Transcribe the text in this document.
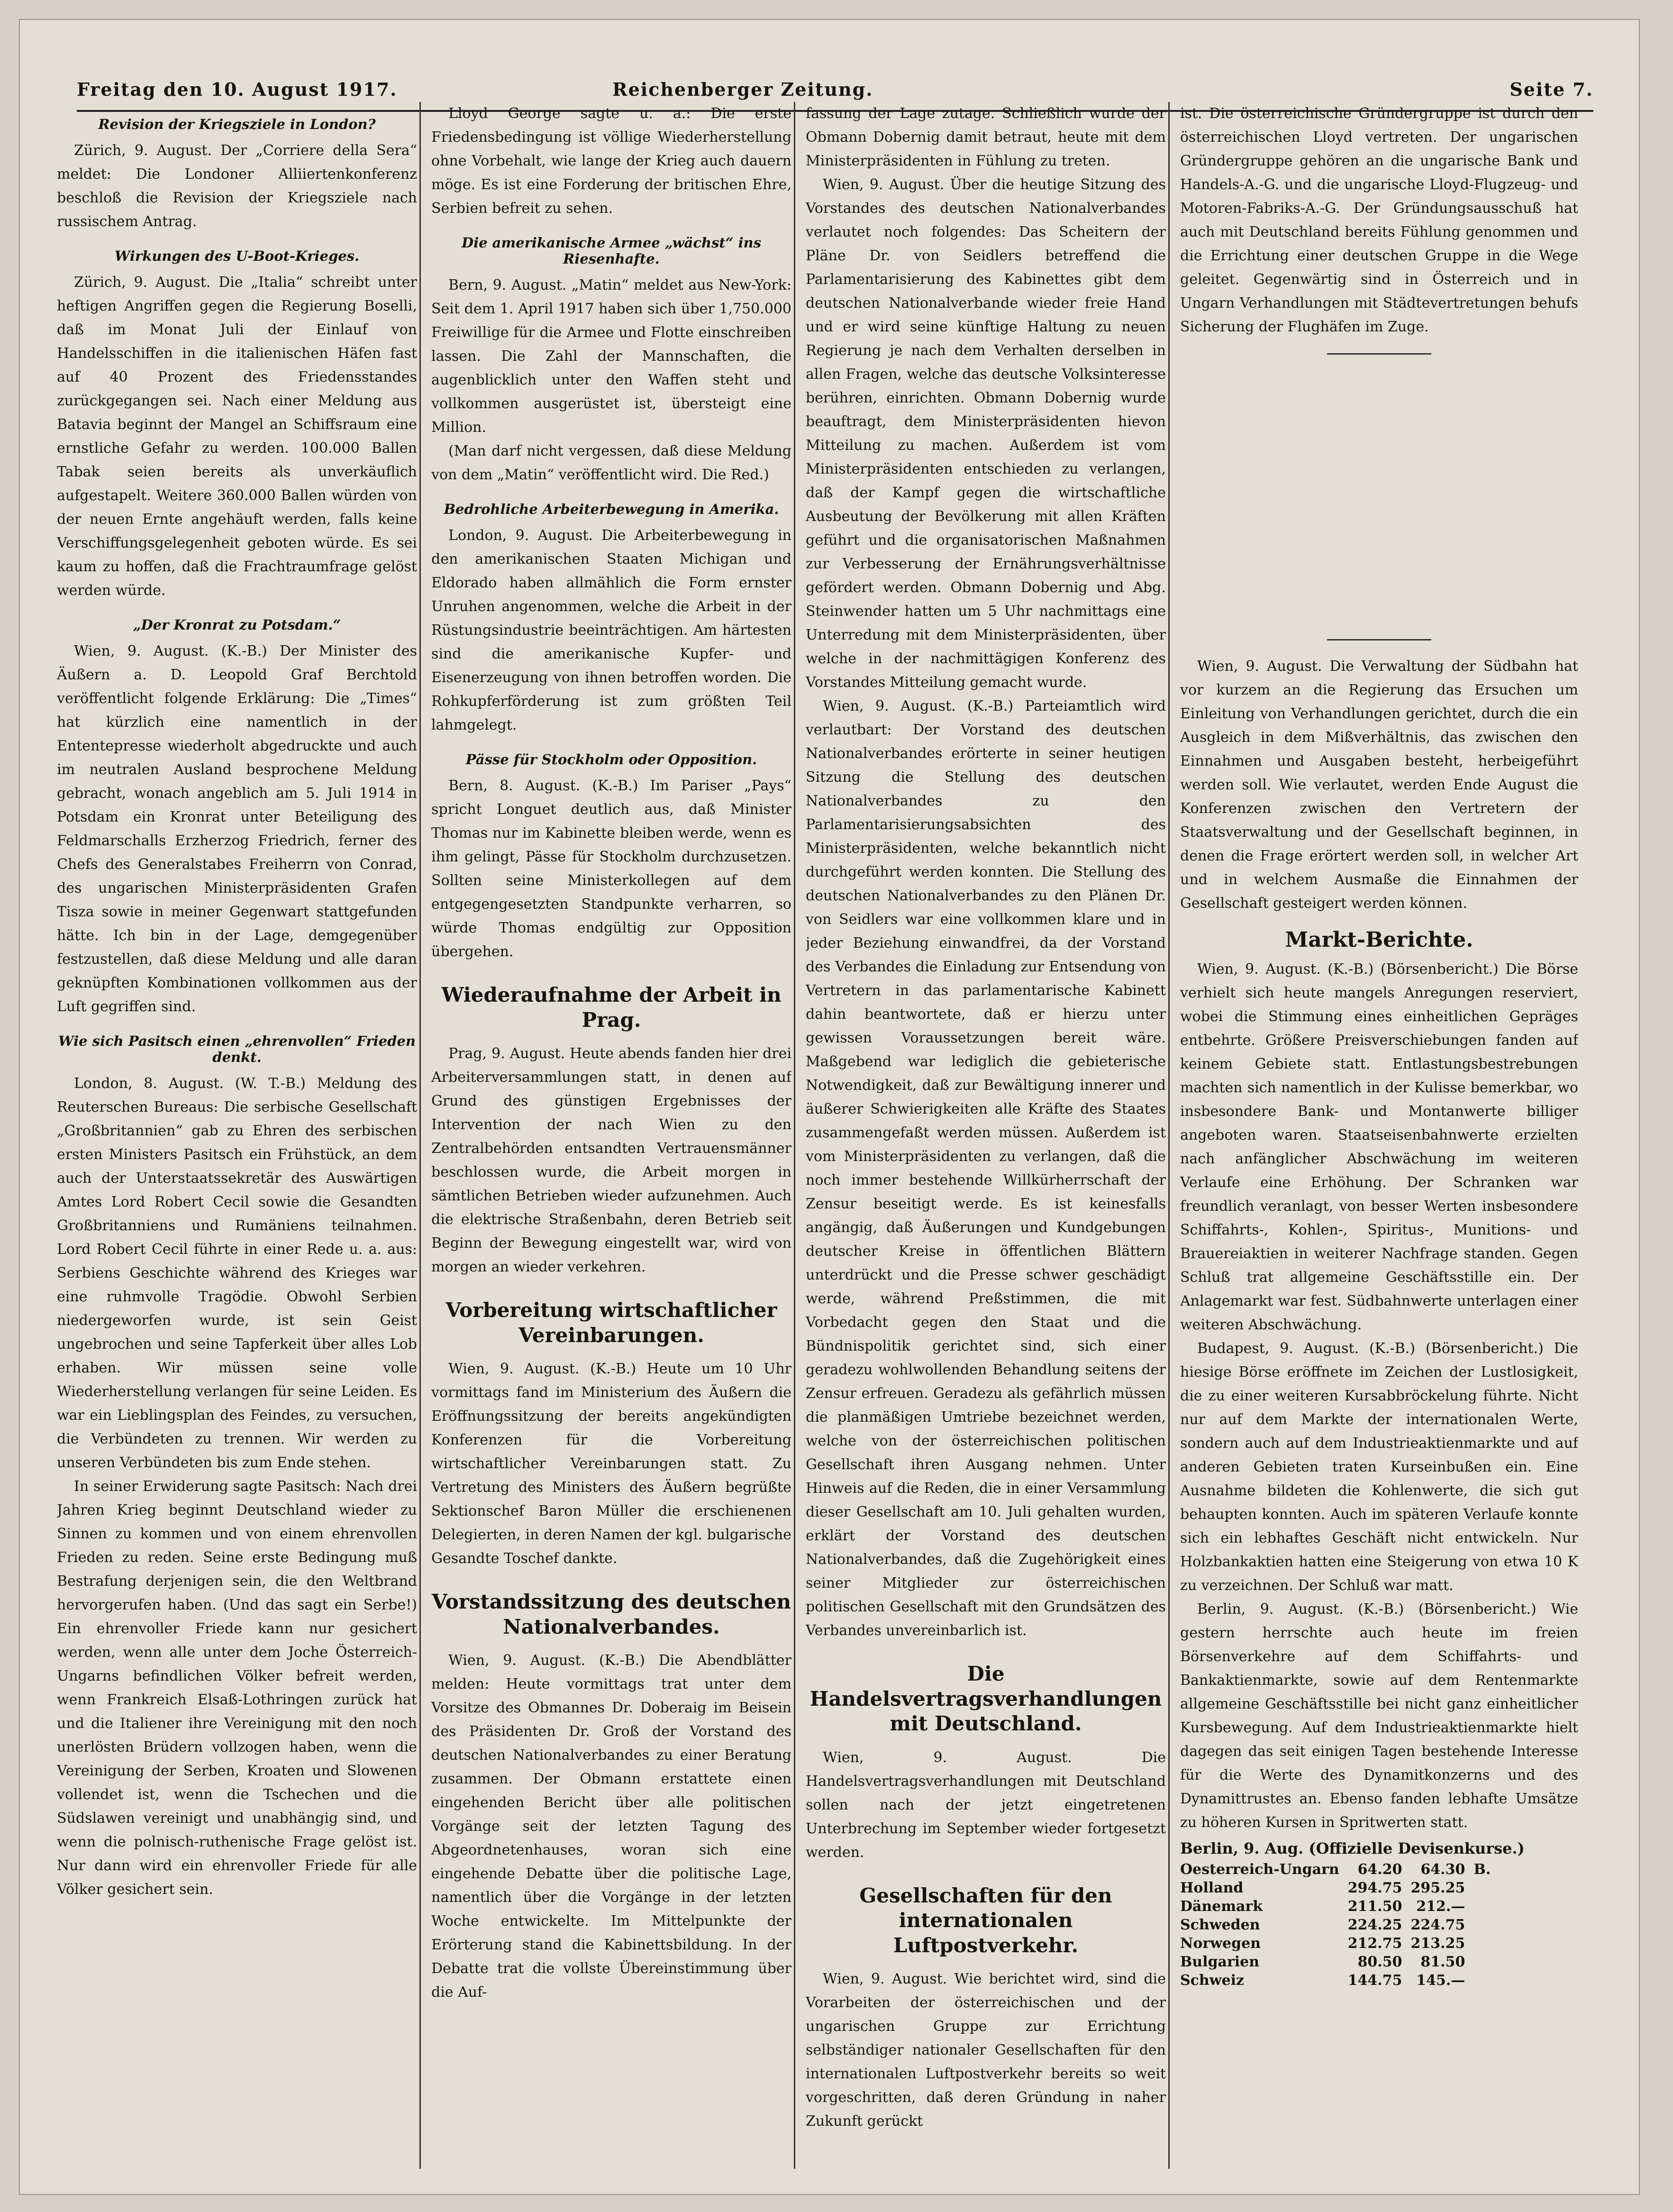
Freitag den 10. August 1917.	Reichenberger Zeitung.	Seite 7.
Revision der Kriegsziele in London?

Zürich, 9. August. Der „Corriere della Sera“ meldet: Die Londoner Alliiertenkonferenz beschloß die Revision der Kriegsziele nach russischem Antrag.

Wirkungen des U-Boot-Krieges.

Zürich, 9. August. Die „Italia“ schreibt unter heftigen Angriffen gegen die Regierung Boselli, daß im Monat Juli der Einlauf von Handelsschiffen in die italienischen Häfen fast auf 40 Prozent des Friedensstandes zurückgegangen sei. Nach einer Meldung aus Batavia beginnt der Mangel an Schiffsraum eine ernstliche Gefahr zu werden. 100.000 Ballen Tabak seien bereits als unverkäuflich aufgestapelt. Weitere 360.000 Ballen würden von der neuen Ernte angehäuft werden, falls keine Verschiffungsgelegenheit geboten würde. Es sei kaum zu hoffen, daß die Frachtraumfrage gelöst werden würde.

„Der Kronrat zu Potsdam.“

Wien, 9. August. (K.-B.) Der Minister des Äußern a. D. Leopold Graf Berchtold veröffentlicht folgende Erklärung: Die „Times“ hat kürzlich eine namentlich in der Ententepresse wiederholt abgedruckte und auch im neutralen Ausland besprochene Meldung gebracht, wonach angeblich am 5. Juli 1914 in Potsdam ein Kronrat unter Beteiligung des Feldmarschalls Erzherzog Friedrich, ferner des Chefs des Generalstabes Freiherrn von Conrad, des ungarischen Ministerpräsidenten Grafen Tisza sowie in meiner Gegenwart stattgefunden hätte. Ich bin in der Lage, demgegenüber festzustellen, daß diese Meldung und alle daran geknüpften Kombinationen vollkommen aus der Luft gegriffen sind.

Wie sich Pasitsch einen „ehrenvollen“ Frieden denkt.

London, 8. August. (W. T.-B.) Meldung des Reuterschen Bureaus: Die serbische Gesellschaft „Großbritannien“ gab zu Ehren des serbischen ersten Ministers Pasitsch ein Frühstück, an dem auch der Unterstaatssekretär des Auswärtigen Amtes Lord Robert Cecil sowie die Gesandten Großbritanniens und Rumäniens teilnahmen. Lord Robert Cecil führte in einer Rede u. a. aus: Serbiens Geschichte während des Krieges war eine ruhmvolle Tragödie. Obwohl Serbien niedergeworfen wurde, ist sein Geist ungebrochen und seine Tapferkeit über alles Lob erhaben. Wir müssen seine volle Wiederherstellung verlangen für seine Leiden. Es war ein Lieblingsplan des Feindes, zu versuchen, die Verbündeten zu trennen. Wir werden zu unseren Verbündeten bis zum Ende stehen.

In seiner Erwiderung sagte Pasitsch: Nach drei Jahren Krieg beginnt Deutschland wieder zu Sinnen zu kommen und von einem ehrenvollen Frieden zu reden. Seine erste Bedingung muß Bestrafung derjenigen sein, die den Weltbrand hervorgerufen haben. (Und das sagt ein Serbe!) Ein ehrenvoller Friede kann nur gesichert werden, wenn alle unter dem Joche Österreich-Ungarns befindlichen Völker befreit werden, wenn Frankreich Elsaß-Lothringen zurück hat und die Italiener ihre Vereinigung mit den noch unerlösten Brüdern vollzogen haben, wenn die Vereinigung der Serben, Kroaten und Slowenen vollendet ist, wenn die Tschechen und die Südslawen vereinigt und unabhängig sind, und wenn die polnisch-ruthenische Frage gelöst ist. Nur dann wird ein ehrenvoller Friede für alle Völker gesichert sein.

Lloyd George sagte u. a.: Die erste Friedensbedingung ist völlige Wiederherstellung ohne Vorbehalt, wie lange der Krieg auch dauern möge. Es ist eine Forderung der britischen Ehre, Serbien befreit zu sehen.

Die amerikanische Armee „wächst“ ins Riesenhafte.

Bern, 9. August. „Matin“ meldet aus New-York: Seit dem 1. April 1917 haben sich über 1,750.000 Freiwillige für die Armee und Flotte einschreiben lassen. Die Zahl der Mannschaften, die augenblicklich unter den Waffen steht und vollkommen ausgerüstet ist, übersteigt eine Million.

(Man darf nicht vergessen, daß diese Meldung von dem „Matin“ veröffentlicht wird. Die Red.)

Bedrohliche Arbeiterbewegung in Amerika.

London, 9. August. Die Arbeiterbewegung in den amerikanischen Staaten Michigan und Eldorado haben allmählich die Form ernster Unruhen angenommen, welche die Arbeit in der Rüstungsindustrie beeinträchtigen. Am härtesten sind die amerikanische Kupfer- und Eisenerzeugung von ihnen betroffen worden. Die Rohkupferförderung ist zum größten Teil lahmgelegt.

Pässe für Stockholm oder Opposition.

Bern, 8. August. (K.-B.) Im Pariser „Pays“ spricht Longuet deutlich aus, daß Minister Thomas nur im Kabinette bleiben werde, wenn es ihm gelingt, Pässe für Stockholm durchzusetzen. Sollten seine Ministerkollegen auf dem entgegengesetzten Standpunkte verharren, so würde Thomas endgültig zur Opposition übergehen.

Wiederaufnahme der Arbeit in Prag.

Prag, 9. August. Heute abends fanden hier drei Arbeiterversammlungen statt, in denen auf Grund des günstigen Ergebnisses der Intervention der nach Wien zu den Zentralbehörden entsandten Vertrauensmänner beschlossen wurde, die Arbeit morgen in sämtlichen Betrieben wieder aufzunehmen. Auch die elektrische Straßenbahn, deren Betrieb seit Beginn der Bewegung eingestellt war, wird von morgen an wieder verkehren.

Vorbereitung wirtschaftlicher Vereinbarungen.

Wien, 9. August. (K.-B.) Heute um 10 Uhr vormittags fand im Ministerium des Äußern die Eröffnungssitzung der bereits angekündigten Konferenzen für die Vorbereitung wirtschaftlicher Vereinbarungen statt. Zu Vertretung des Ministers des Äußern begrüßte Sektionschef Baron Müller die erschienenen Delegierten, in deren Namen der kgl. bulgarische Gesandte Toschef dankte.

Vorstandssitzung des deutschen Nationalverbandes.

Wien, 9. August. (K.-B.) Die Abendblätter melden: Heute vormittags trat unter dem Vorsitze des Obmannes Dr. Doberaig im Beisein des Präsidenten Dr. Groß der Vorstand des deutschen Nationalverbandes zu einer Beratung zusammen. Der Obmann erstattete einen eingehenden Bericht über alle politischen Vorgänge seit der letzten Tagung des Abgeordnetenhauses, woran sich eine eingehende Debatte über die politische Lage, namentlich über die Vorgänge in der letzten Woche entwickelte. Im Mittelpunkte der Erörterung stand die Kabinettsbildung. In der Debatte trat die vollste Übereinstimmung über die Auf-

fassung der Lage zutage. Schließlich wurde der Obmann Dobernig damit betraut, heute mit dem Ministerpräsidenten in Fühlung zu treten.

Wien, 9. August. Über die heutige Sitzung des Vorstandes des deutschen Nationalverbandes verlautet noch folgendes: Das Scheitern der Pläne Dr. von Seidlers betreffend die Parlamentarisierung des Kabinettes gibt dem deutschen Nationalverbande wieder freie Hand und er wird seine künftige Haltung zu neuen Regierung je nach dem Verhalten derselben in allen Fragen, welche das deutsche Volksinteresse berühren, einrichten. Obmann Dobernig wurde beauftragt, dem Ministerpräsidenten hievon Mitteilung zu machen. Außerdem ist vom Ministerpräsidenten entschieden zu verlangen, daß der Kampf gegen die wirtschaftliche Ausbeutung der Bevölkerung mit allen Kräften geführt und die organisatorischen Maßnahmen zur Verbesserung der Ernährungsverhältnisse gefördert werden. Obmann Dobernig und Abg. Steinwender hatten um 5 Uhr nachmittags eine Unterredung mit dem Ministerpräsidenten, über welche in der nachmittägigen Konferenz des Vorstandes Mitteilung gemacht wurde.

Wien, 9. August. (K.-B.) Parteiamtlich wird verlautbart: Der Vorstand des deutschen Nationalverbandes erörterte in seiner heutigen Sitzung die Stellung des deutschen Nationalverbandes zu den Parlamentarisierungsabsichten des Ministerpräsidenten, welche bekanntlich nicht durchgeführt werden konnten. Die Stellung des deutschen Nationalverbandes zu den Plänen Dr. von Seidlers war eine vollkommen klare und in jeder Beziehung einwandfrei, da der Vorstand des Verbandes die Einladung zur Entsendung von Vertretern in das parlamentarische Kabinett dahin beantwortete, daß er hierzu unter gewissen Voraussetzungen bereit wäre. Maßgebend war lediglich die gebieterische Notwendigkeit, daß zur Bewältigung innerer und äußerer Schwierigkeiten alle Kräfte des Staates zusammengefaßt werden müssen. Außerdem ist vom Ministerpräsidenten zu verlangen, daß die noch immer bestehende Willkürherrschaft der Zensur beseitigt werde. Es ist keinesfalls angängig, daß Äußerungen und Kundgebungen deutscher Kreise in öffentlichen Blättern unterdrückt und die Presse schwer geschädigt werde, während Preßstimmen, die mit Vorbedacht gegen den Staat und die Bündnispolitik gerichtet sind, sich einer geradezu wohlwollenden Behandlung seitens der Zensur erfreuen. Geradezu als gefährlich müssen die planmäßigen Umtriebe bezeichnet werden, welche von der österreichischen politischen Gesellschaft ihren Ausgang nehmen. Unter Hinweis auf die Reden, die in einer Versammlung dieser Gesellschaft am 10. Juli gehalten wurden, erklärt der Vorstand des deutschen Nationalverbandes, daß die Zugehörigkeit eines seiner Mitglieder zur österreichischen politischen Gesellschaft mit den Grundsätzen des Verbandes unvereinbarlich ist.

Die Handelsvertragsverhandlungen mit Deutschland.

Wien, 9. August. Die Handelsvertragsverhandlungen mit Deutschland sollen nach der jetzt eingetretenen Unterbrechung im September wieder fortgesetzt werden.

Gesellschaften für den internationalen Luftpostverkehr.

Wien, 9. August. Wie berichtet wird, sind die Vorarbeiten der österreichischen und der ungarischen Gruppe zur Errichtung selbständiger nationaler Gesellschaften für den internationalen Luftpostverkehr bereits so weit vorgeschritten, daß deren Gründung in naher Zukunft gerückt

ist. Die österreichische Gründergruppe ist durch den österreichischen Lloyd vertreten. Der ungarischen Gründergruppe gehören an die ungarische Bank und Handels-A.-G. und die ungarische Lloyd-Flugzeug- und Motoren-Fabriks-A.-G. Der Gründungsausschuß hat auch mit Deutschland bereits Fühlung genommen und die Errichtung einer deutschen Gruppe in die Wege geleitet. Gegenwärtig sind in Österreich und in Ungarn Verhandlungen mit Städtevertretungen behufs Sicherung der Flughäfen im Zuge.

Wien, 9. August. Die Verwaltung der Südbahn hat vor kurzem an die Regierung das Ersuchen um Einleitung von Verhandlungen gerichtet, durch die ein Ausgleich in dem Mißverhältnis, das zwischen den Einnahmen und Ausgaben besteht, herbeigeführt werden soll. Wie verlautet, werden Ende August die Konferenzen zwischen den Vertretern der Staatsverwaltung und der Gesellschaft beginnen, in denen die Frage erörtert werden soll, in welcher Art und in welchem Ausmaße die Einnahmen der Gesellschaft gesteigert werden können.

Markt-Berichte.

Wien, 9. August. (K.-B.) (Börsenbericht.) Die Börse verhielt sich heute mangels Anregungen reserviert, wobei die Stimmung eines einheitlichen Gepräges entbehrte. Größere Preisverschiebungen fanden auf keinem Gebiete statt. Entlastungsbestrebungen machten sich namentlich in der Kulisse bemerkbar, wo insbesondere Bank- und Montanwerte billiger angeboten waren. Staatseisenbahnwerte erzielten nach anfänglicher Abschwächung im weiteren Verlaufe eine Erhöhung. Der Schranken war freundlich veranlagt, von besser Werten insbesondere Schiffahrts-, Kohlen-, Spiritus-, Munitions- und Brauereiaktien in weiterer Nachfrage standen. Gegen Schluß trat allgemeine Geschäftsstille ein. Der Anlagemarkt war fest. Südbahnwerte unterlagen einer weiteren Abschwächung.

Budapest, 9. August. (K.-B.) (Börsenbericht.) Die hiesige Börse eröffnete im Zeichen der Lustlosigkeit, die zu einer weiteren Kursabbröckelung führte. Nicht nur auf dem Markte der internationalen Werte, sondern auch auf dem Industrieaktienmarkte und auf anderen Gebieten traten Kurseinbußen ein. Eine Ausnahme bildeten die Kohlenwerte, die sich gut behaupten konnten. Auch im späteren Verlaufe konnte sich ein lebhaftes Geschäft nicht entwickeln. Nur Holzbankaktien hatten eine Steigerung von etwa 10 K zu verzeichnen. Der Schluß war matt.

Berlin, 9. August. (K.-B.) (Börsenbericht.) Wie gestern herrschte auch heute im freien Börsenverkehre auf dem Schiffahrts- und Bankaktienmarkte, sowie auf dem Rentenmarkte allgemeine Geschäftsstille bei nicht ganz einheitlicher Kursbewegung. Auf dem Industrieaktienmarkte hielt dagegen das seit einigen Tagen bestehende Interesse für die Werte des Dynamitkonzerns und des Dynamittrustes an. Ebenso fanden lebhafte Umsätze zu höheren Kursen in Spritwerten statt.

Berlin, 9. Aug. (Offizielle Devisenkurse.)
Oesterreich-Ungarn	64.20	64.30	B.
Holland	294.75	295.25	
Dänemark	211.50	212.—	
Schweden	224.25	224.75	
Norwegen	212.75	213.25	
Bulgarien	80.50	81.50	
Schweiz	144.75	145.—	
